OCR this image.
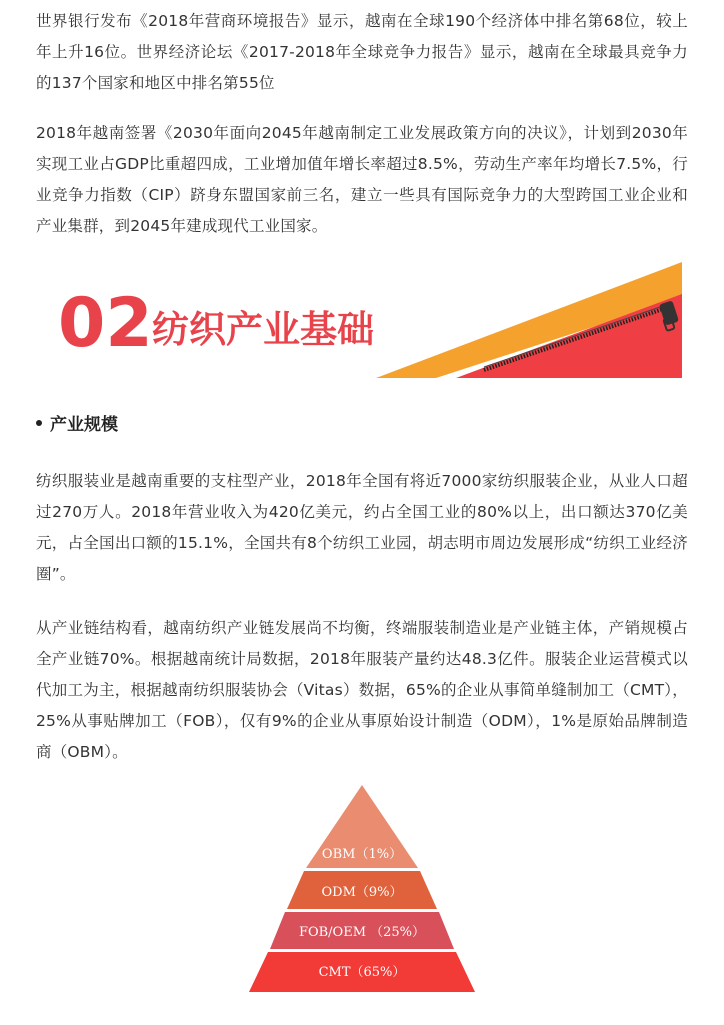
世界银行发布《2018年营商环境报告》显示，越南在全球190个经济体中排名第68位，较上年上升16位。世界经济论坛《2017-2018年全球竞争力报告》显示，越南在全球最具竞争力的137个国家和地区中排名第55位

2018年越南签署《2030年面向2045年越南制定工业发展政策方向的决议》，计划到2030年实现工业占GDP比重超四成，工业增加值年增长率超过8.5%，劳动生产率年均增长7.5%，行业竞争力指数（CIP）跻身东盟国家前三名，建立一些具有国际竞争力的大型跨国工业企业和产业集群，到2045年建成现代工业国家。

02 纺织产业基础
产业规模

纺织服装业是越南重要的支柱型产业，2018年全国有将近7000家纺织服装企业，从业人口超过270万人。2018年营业收入为420亿美元，约占全国工业的80%以上，出口额达370亿美元，占全国出口额的15.1%，全国共有8个纺织工业园，胡志明市周边发展形成“纺织工业经济圈”。

从产业链结构看，越南纺织产业链发展尚不均衡，终端服装制造业是产业链主体，产销规模占全产业链70%。根据越南统计局数据，2018年服装产量约达48.3亿件。服装企业运营模式以代加工为主，根据越南纺织服装协会（Vitas）数据，65%的企业从事简单缝制加工（CMT），25%从事贴牌加工（FOB），仅有9%的企业从事原始设计制造（ODM），1%是原始品牌制造商（OBM）。

OBM（1%）
ODM（9%）
FOB/OEM （25%）
CMT（65%）
